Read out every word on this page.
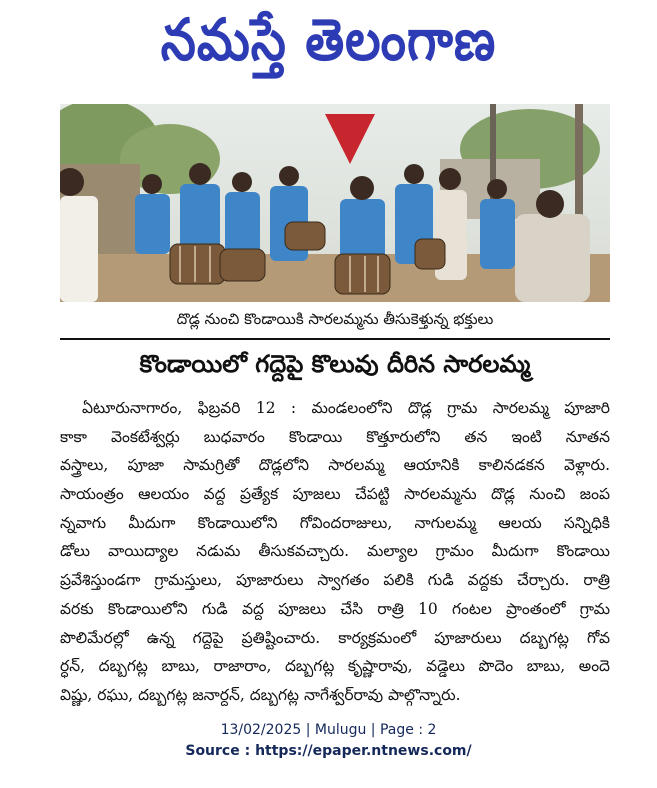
నమస్తే తెలంగాణ
దొడ్ల నుంచి కొండాయికి సారలమ్మను తీసుకెళ్తున్న భక్తులు
కొండాయిలో గద్దెపై కొలువు దీరిన సారలమ్మ
ఏటూరునాగారం, ఫిబ్రవరి 12 : మండలంలోని దొడ్ల గ్రామ సారలమ్మ పూజారి
కాకా వెంకటేశ్వర్లు బుధవారం కొండాయి కొత్తూరులోని తన ఇంటి నూతన
వస్త్రాలు, పూజా సామగ్రితో దొడ్లలోని సారలమ్మ ఆయానికి కాలినడకన వెళ్లారు.
సాయంత్రం ఆలయం వద్ద ప్రత్యేక పూజలు చేపట్టి సారలమ్మను దొడ్ల నుంచి జంప
న్నవాగు మీదుగా కొండాయిలోని గోవిందరాజులు, నాగులమ్మ ఆలయ సన్నిధికి
డోలు వాయిద్యాల నడుమ తీసుకవచ్చారు. మల్యాల గ్రామం మీదుగా కొండాయి
ప్రవేశిస్తుండగా గ్రామస్తులు, పూజారులు స్వాగతం పలికి గుడి వద్దకు చేర్చారు. రాత్రి
వరకు కొండాయిలోని గుడి వద్ద పూజలు చేసి రాత్రి 10 గంటల ప్రాంతంలో గ్రామ
పొలిమేరల్లో ఉన్న గద్దెపై ప్రతిష్టించారు. కార్యక్రమంలో పూజారులు దబ్బగట్ల గోవ
ర్ధన్, దబ్బగట్ల బాబు, రాజారాం, దబ్బగట్ల కృష్ణారావు, వడ్డెలు పొదెం బాబు, అందె
విష్ణు, రఘు, దబ్బగట్ల జనార్దన్, దబ్బగట్ల నాగేశ్వర్‌రావు పాల్గొన్నారు.
13/02/2025 | Mulugu | Page : 2
Source : https://epaper.ntnews.com/
